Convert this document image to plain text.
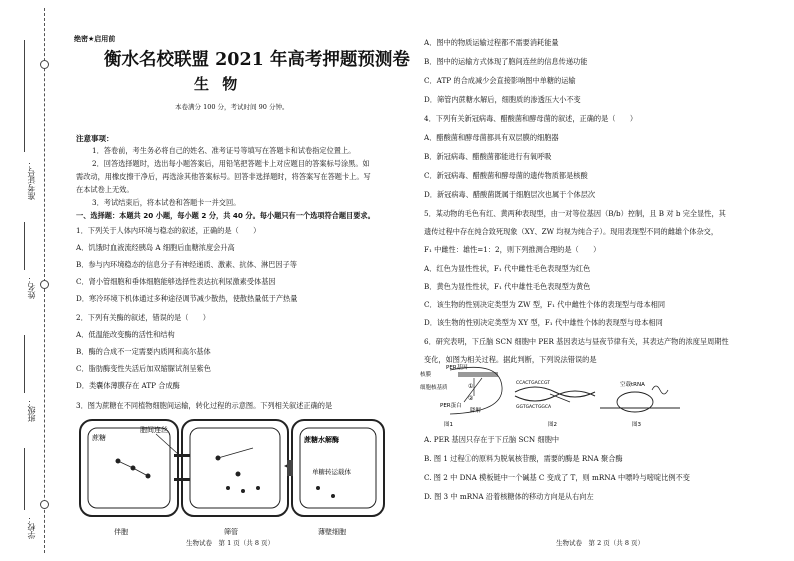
准考证号：
姓名：
班级：
学校：
绝密★启用前
衡水名校联盟 2021 年高考押题预测卷
生 物
本卷满分 100 分，考试时间 90 分钟。
注意事项：
1．答卷前，考生务必将自己的姓名、准考证号等填写在答题卡和试卷指定位置上。
2．回答选择题时，选出每小题答案后，用铅笔把答题卡上对应题目的答案标号涂黑。如
需改动，用橡皮擦干净后，再选涂其他答案标号。回答非选择题时，将答案写在答题卡上。写
在本试卷上无效。
3．考试结束后，将本试卷和答题卡一并交回。
一、选择题：本题共 20 小题，每小题 2 分，共 40 分。每小题只有一个选项符合题目要求。
1．下列关于人体内环境与稳态的叙述，正确的是（　　）
A．饥饿时血液流经胰岛 A 细胞后血糖浓度会升高
B．参与内环境稳态的信息分子有神经递质、激素、抗体、淋巴因子等
C．肾小管细胞和垂体细胞能够选择性表达抗利尿激素受体基因
D．寒冷环境下机体通过多种途径调节减少散热，使散热量低于产热量
2．下列有关酶的叙述，错误的是（　　）
A．低温能改变酶的活性和结构
B．酶的合成不一定需要内质网和高尔基体
C．脂肪酶变性失活后加双缩脲试剂呈紫色
D．类囊体薄膜存在 ATP 合成酶
3．图为蔗糖在不同植物细胞间运输，转化过程的示意图。下列相关叙述正确的是
蔗糖
胞间连丝
蔗糖水解酶
单糖转运载体
伴胞	筛管	薄壁细胞
生物试卷　第 1 页（共 8 页）
A．图中的物质运输过程都不需要消耗能量
B．图中的运输方式体现了胞间连丝的信息传递功能
C．ATP 的合成减少会直接影响图中单糖的运输
D．筛管内蔗糖水解后，细胞质的渗透压大小不变
4．下列有关新冠病毒、醋酸菌和酵母菌的叙述，正确的是（　　）
A．醋酸菌和酵母菌都具有双层膜的细胞器
B．新冠病毒、醋酸菌都能进行有氧呼吸
C．新冠病毒、醋酸菌和酵母菌的遗传物质都是核酸
D．新冠病毒、醋酸菌既属于细胞层次也属于个体层次
5．某动物的毛色有红、黄两种表现型，由一对等位基因（B/b）控制，且 B 对 b 完全显性，其
遗传过程中存在纯合致死现象（XY、ZW 均视为纯合子）。现用表现型不同的雌雄个体杂交，
F₁ 中雌性：雄性=1：2，则下列推测合理的是（　　）
A．红色为显性性状，F₁ 代中雌性毛色表现型为红色
B．黄色为显性性状，F₁ 代中雄性毛色表现型为黄色
C．该生物的性别决定类型为 ZW 型，F₁ 代中雌性个体的表现型与母本相同
D．该生物的性别决定类型为 XY 型，F₁ 代中雄性个体的表现型与母本相同
6．研究表明，下丘脑 SCN 细胞中 PER 基因表达与昼夜节律有关，其表达产物的浓度呈周期性
变化，如图为相关过程。据此判断，下列说法错误的是
PER基因
核膜
细胞核基质
PER蛋白
降解
①
②
CCACTGACCGT
GGTGACTGGCA
空载tRNA
图1	图2	图3
A. PER 基因只存在于下丘脑 SCN 细胞中
B. 图 1 过程①的原料为脱氧核苷酸，需要的酶是 RNA 聚合酶
C. 图 2 中 DNA 模板链中一个碱基 C 变成了 T，则 mRNA 中嘌呤与嘧啶比例不变
D. 图 3 中 mRNA 沿着核糖体的移动方向是从右向左
生物试卷　第 2 页（共 8 页）
